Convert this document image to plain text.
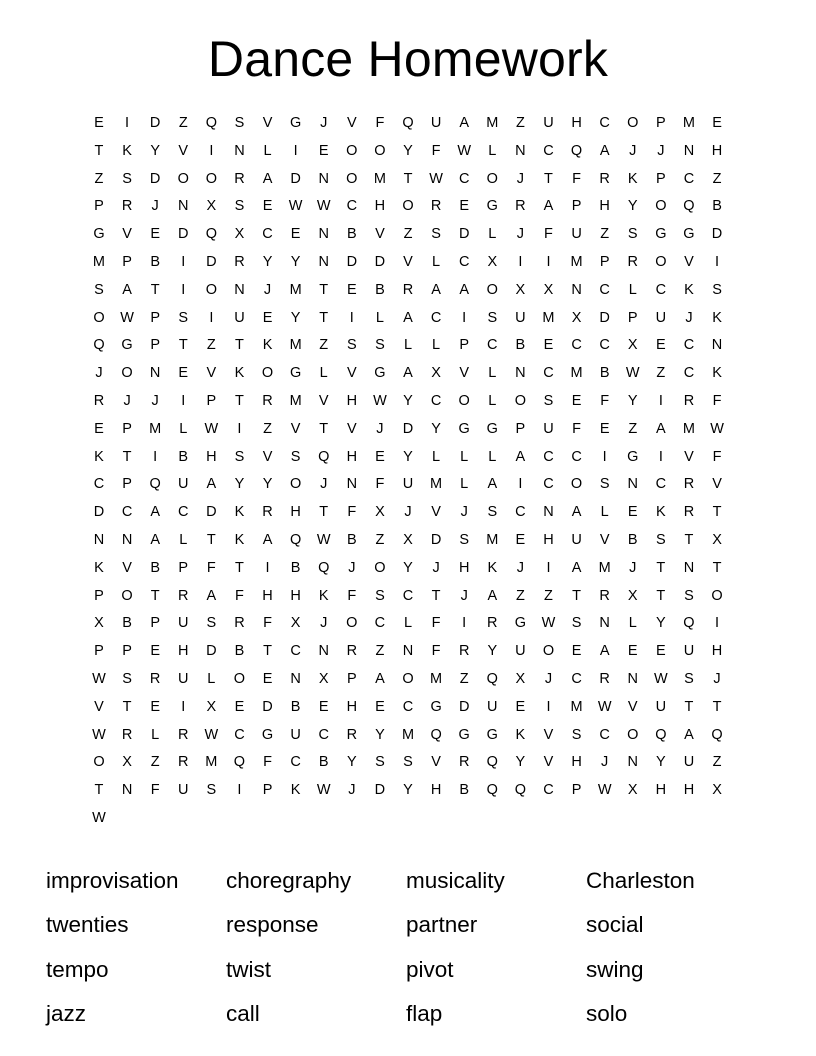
Dance Homework
E	I	D	Z	Q	S	V	G	J	V	F	Q	U	A	M	Z	U	H	C	O	P	M	E
T	K	Y	V	I	N	L	I	E	O	O	Y	F	W	L	N	C	Q	A	J	J	N	H
Z	S	D	O	O	R	A	D	N	O	M	T	W	C	O	J	T	F	R	K	P	C	Z
P	R	J	N	X	S	E	W W	C	H	O	R	E	G	R	A	P	H	Y	O	Q	B
G	V	E	D	Q	X	C	E	N	B	V	Z	S	D	L	J	F	U	Z	S	G	G	D
M	P	B	I	D	R	Y	Y	N	D	D	V	L	C	X	I	I	M	P	R	O	V	I
S	A	T	I	O	N	J	M	T	E	B	R	A	A	O	X	X	N	C	L	C	K	S
O	W	P	S	I	U	E	Y	T	I	L	A	C	I	S	U	M	X	D	P	U	J	K
Q	G	P	T	Z	T	K	M	Z	S	S	L	L	P	C	B	E	C	C	X	E	C	N
J	O	N	E	V	K	O	G	L	V	G	A	X	V	L	N	C	M	B	W	Z	C	K
R	J	J	I	P	T	R	M	V	H	W	Y	C	O	L	O	S	E	F	Y	I	R	F
E	P	M	L	W	I	Z	V	T	V	J	D	Y	G	G	P	U	F	E	Z	A	M	W
K	T	I	B	H	S	V	S	Q	H	E	Y	L	L	L	A	C	C	I	G	I	V	F
C	P	Q	U	A	Y	Y	O	J	N	F	U	M	L	A	I	C	O	S	N	C	R	V
D	C	A	C	D	K	R	H	T	F	X	J	V	J	S	C	N	A	L	E	K	R	T
N	N	A	L	T	K	A	Q	W	B	Z	X	D	S	M	E	H	U	V	B	S	T	X
K	V	B	P	F	T	I	B	Q	J	O	Y	J	H	K	J	I	A	M	J	T	N	T
P	O	T	R	A	F	H	H	K	F	S	C	T	J	A	Z	Z	T	R	X	T	S	O
X	B	P	U	S	R	F	X	J	O	C	L	F	I	R	G	W	S	N	L	Y	Q	I
P	P	E	H	D	B	T	C	N	R	Z	N	F	R	Y	U	O	E	A	E	E	U	H
W	S	R	U	L	O	E	N	X	P	A	O	M	Z	Q	X	J	C	R	N	W	S	J
V	T	E	I	X	E	D	B	E	H	E	C	G	D	U	E	I	M	W	V	U	T	T
W	R	L	R	W	C	G	U	C	R	Y	M	Q	G	G	K	V	S	C	O	Q	A	Q
O	X	Z	R	M	Q	F	C	B	Y	S	S	V	R	Q	Y	V	H	J	N	Y	U	Z
T	N	F	U	S	I	P	K	W	J	D	Y	H	B	Q	Q	C	P	W	X	H	H	X
W
improvisation	choregraphy	musicality	Charleston
twenties	response	partner	social
tempo	twist	pivot	swing
jazz	call	flap	solo
